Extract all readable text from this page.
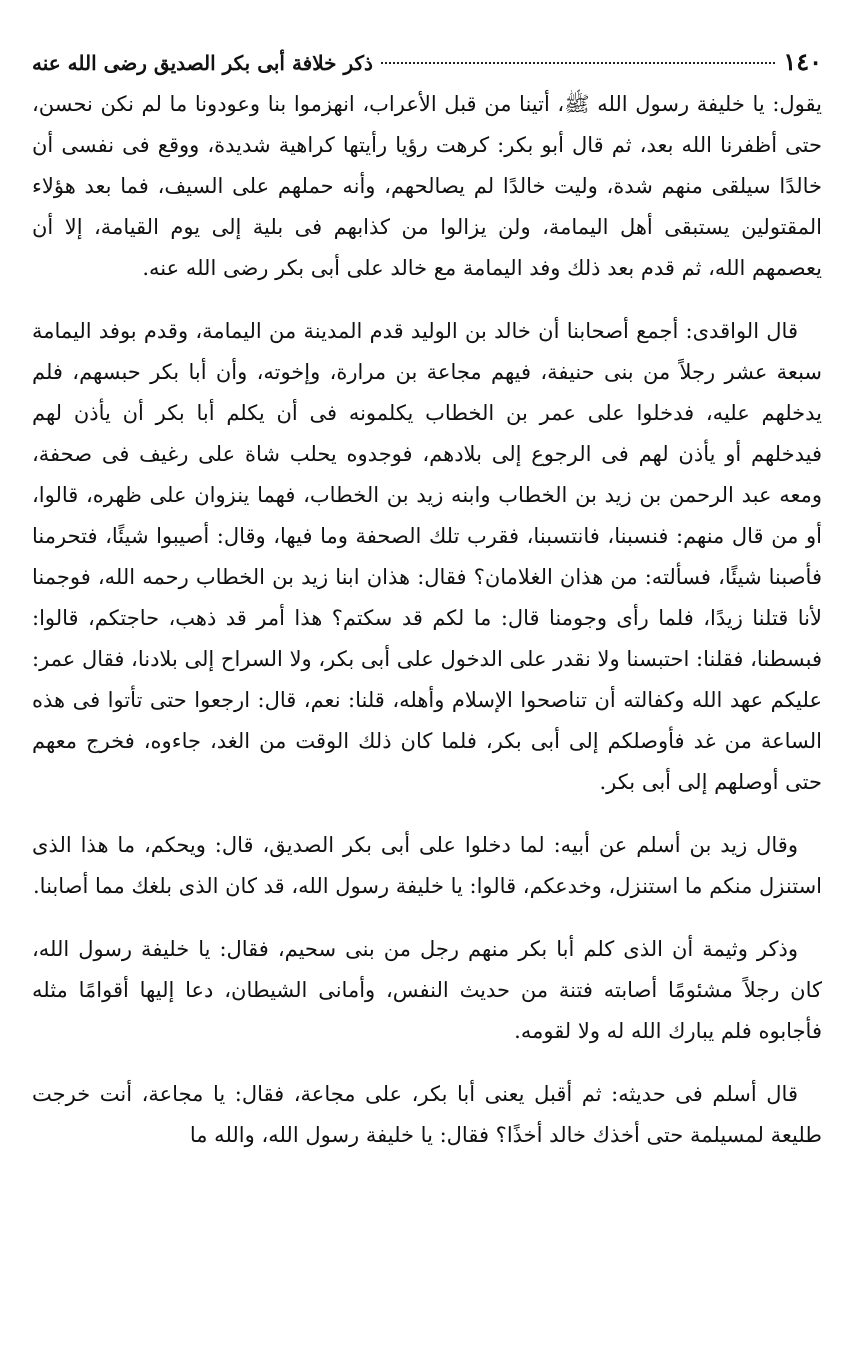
١٤٠
ذكر خلافة أبى بكر الصديق رضى الله عنه

يقول: يا خليفة رسول الله ﷺ، أتينا من قبل الأعراب، انهزموا بنا وعودونا ما لم نكن نحسن، حتى أظفرنا الله بعد، ثم قال أبو بكر: كرهت رؤيا رأيتها كراهية شديدة، ووقع فى نفسى أن خالدًا سيلقى منهم شدة، وليت خالدًا لم يصالحهم، وأنه حملهم على السيف، فما بعد هؤلاء المقتولين يستبقى أهل اليمامة، ولن يزالوا من كذابهم فى بلية إلى يوم القيامة، إلا أن يعصمهم الله، ثم قدم بعد ذلك وفد اليمامة مع خالد على أبى بكر رضى الله عنه.

قال الواقدى: أجمع أصحابنا أن خالد بن الوليد قدم المدينة من اليمامة، وقدم بوفد اليمامة سبعة عشر رجلاً من بنى حنيفة، فيهم مجاعة بن مرارة، وإخوته، وأن أبا بكر حبسهم، فلم يدخلهم عليه، فدخلوا على عمر بن الخطاب يكلمونه فى أن يكلم أبا بكر أن يأذن لهم فيدخلهم أو يأذن لهم فى الرجوع إلى بلادهم، فوجدوه يحلب شاة على رغيف فى صحفة، ومعه عبد الرحمن بن زيد بن الخطاب وابنه زيد بن الخطاب، فهما ينزوان على ظهره، قالوا، أو من قال منهم: فنسبنا، فانتسبنا، فقرب تلك الصحفة وما فيها، وقال: أصيبوا شيئًا، فتحرمنا فأصبنا شيئًا، فسألته: من هذان الغلامان؟ فقال: هذان ابنا زيد بن الخطاب رحمه الله، فوجمنا لأنا قتلنا زيدًا، فلما رأى وجومنا قال: ما لكم قد سكتم؟ هذا أمر قد ذهب، حاجتكم، قالوا: فبسطنا، فقلنا: احتبسنا ولا نقدر على الدخول على أبى بكر، ولا السراح إلى بلادنا، فقال عمر: عليكم عهد الله وكفالته أن تناصحوا الإسلام وأهله، قلنا: نعم، قال: ارجعوا حتى تأتوا فى هذه الساعة من غد فأوصلكم إلى أبى بكر، فلما كان ذلك الوقت من الغد، جاءوه، فخرج معهم حتى أوصلهم إلى أبى بكر.

وقال زيد بن أسلم عن أبيه: لما دخلوا على أبى بكر الصديق، قال: ويحكم، ما هذا الذى استنزل منكم ما استنزل، وخدعكم، قالوا: يا خليفة رسول الله، قد كان الذى بلغك مما أصابنا.

وذكر وثيمة أن الذى كلم أبا بكر منهم رجل من بنى سحيم، فقال: يا خليفة رسول الله، كان رجلاً مشئومًا أصابته فتنة من حديث النفس، وأمانى الشيطان، دعا إليها أقوامًا مثله فأجابوه فلم يبارك الله له ولا لقومه.

قال أسلم فى حديثه: ثم أقبل يعنى أبا بكر، على مجاعة، فقال: يا مجاعة، أنت خرجت طليعة لمسيلمة حتى أخذك خالد أخذًا؟ فقال: يا خليفة رسول الله، والله ما
